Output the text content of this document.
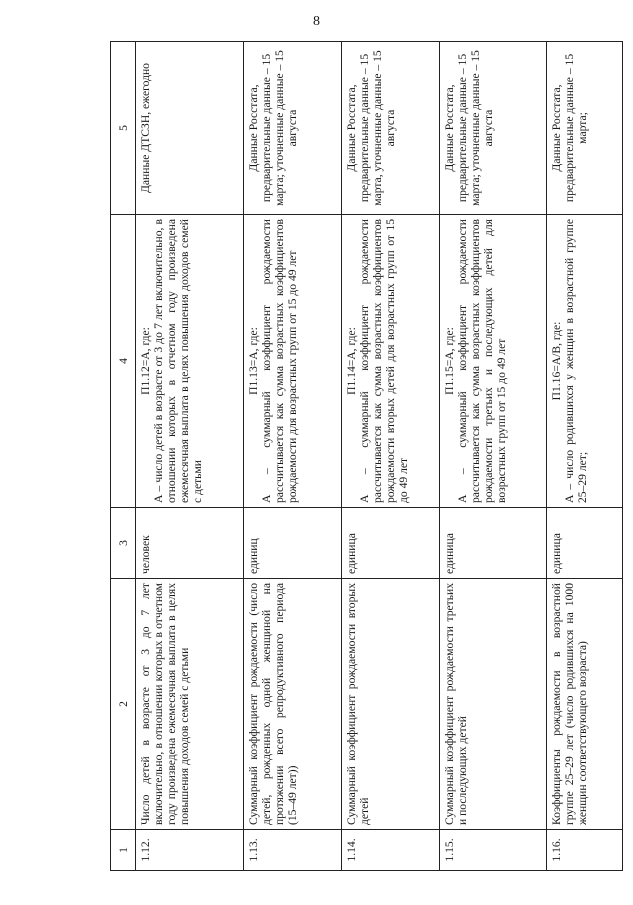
8
1	2	3	4	5
1.12.	Число детей в возрасте от 3 до 7 лет включительно, в отношении которых в отчетном году произведена ежемесячная выплата в целях повышения доходов семей с детьми	человек	П1.12=А, где: А – число детей в возрасте от 3 до 7 лет включительно, в отношении которых в отчетном году произведена ежемесячная выплата в целях повышения доходов семей с детьми	Данные ДТСЗН, ежегодно
1.13.	Суммарный коэффициент рождаемости (число детей, рожденных одной женщиной на протяжении всего репродуктивного периода (15–49 лет))	единиц	П1.13=А, где: А – суммарный коэффициент рождаемости рассчитывается как сумма возрастных коэффициентов рождаемости для возрастных групп от 15 до 49 лет	Данные Росстата, предварительные данные – 15 марта; уточненные данные – 15 августа
1.14.	Суммарный коэффициент рождаемости вторых детей	единица	П1.14=А, где: А – суммарный коэффициент рождаемости рассчитывается как сумма возрастных коэффициентов рождаемости вторых детей для возрастных групп от 15 до 49 лет	Данные Росстата, предварительные данные – 15 марта, уточненные данные – 15 августа
1.15.	Суммарный коэффициент рождаемости третьих и последующих детей	единица	П1.15=А, где: А – суммарный коэффициент рождаемости рассчитывается как сумма возрастных коэффициентов рождаемости третьих и последующих детей для возрастных групп от 15 до 49 лет	Данные Росстата, предварительные данные – 15 марта; уточненные данные – 15 августа
1.16.	Коэффициенты рождаемости в возрастной группе 25–29 лет (число родившихся на 1000 женщин соответствующего возраста)	единица	П1.16=А/В, где: А – число родившихся у женщин в возрастной группе 25–29 лет;	Данные Росстата, предварительные данные – 15 марта;
